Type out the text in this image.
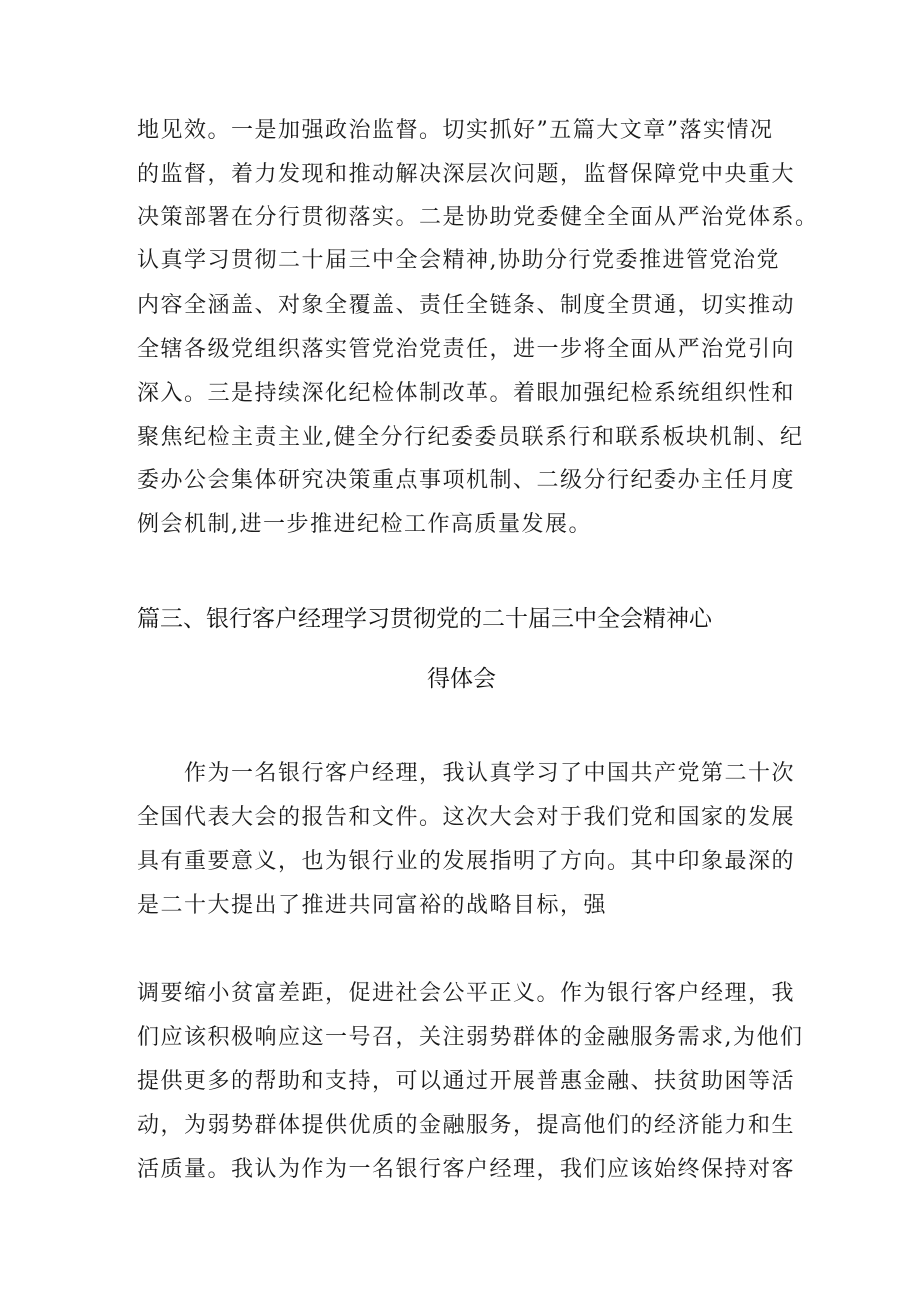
地见效。一是加强政治监督。切实抓好”五篇大文章”落实情况
的监督，着力发现和推动解决深层次问题，监督保障党中央重大
决策部署在分行贯彻落实。二是协助党委健全全面从严治党体系。
认真学习贯彻二十届三中全会精神,协助分行党委推进管党治党
内容全涵盖、对象全覆盖、责任全链条、制度全贯通，切实推动
全辖各级党组织落实管党治党责任，进一步将全面从严治党引向
深入。三是持续深化纪检体制改革。着眼加强纪检系统组织性和
聚焦纪检主责主业,健全分行纪委委员联系行和联系板块机制、纪
委办公会集体研究决策重点事项机制、二级分行纪委办主任月度
例会机制,进一步推进纪检工作高质量发展。
篇三、银行客户经理学习贯彻党的二十届三中全会精神心
得体会
作为一名银行客户经理，我认真学习了中国共产党第二十次
全国代表大会的报告和文件。这次大会对于我们党和国家的发展
具有重要意义，也为银行业的发展指明了方向。其中印象最深的
是二十大提出了推进共同富裕的战略目标，强
调要缩小贫富差距，促进社会公平正义。作为银行客户经理，我
们应该积极响应这一号召，关注弱势群体的金融服务需求,为他们
提供更多的帮助和支持，可以通过开展普惠金融、扶贫助困等活
动，为弱势群体提供优质的金融服务，提高他们的经济能力和生
活质量。我认为作为一名银行客户经理，我们应该始终保持对客
